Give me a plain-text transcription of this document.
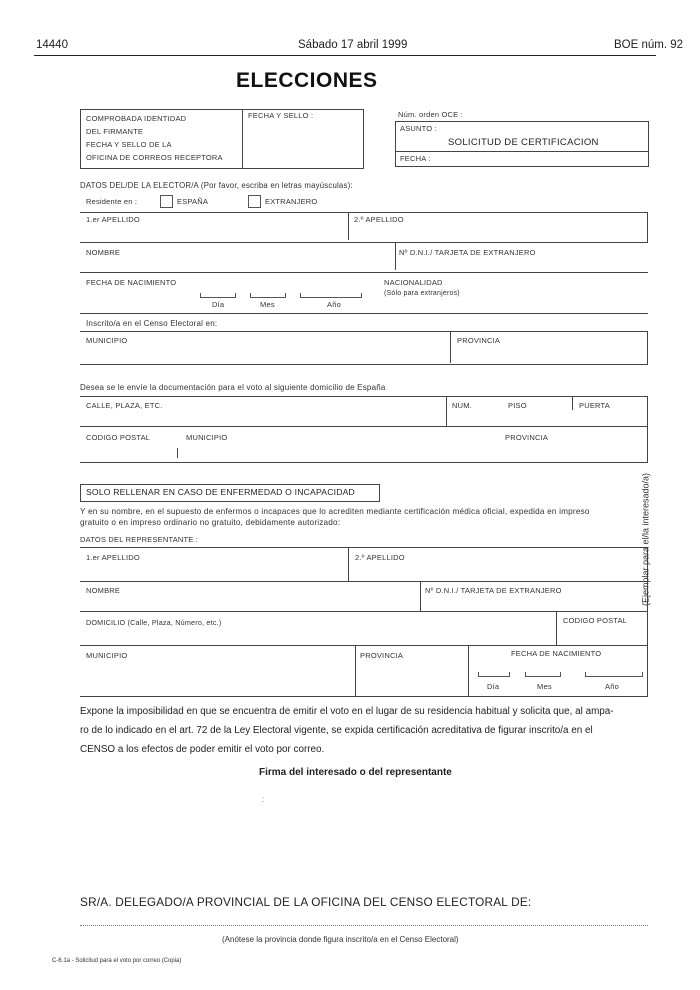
14440	Sábado 17 abril 1999	BOE núm. 92
ELECCIONES
COMPROBADA IDENTIDAD
DEL FIRMANTE
FECHA Y SELLO DE LA
OFICINA DE CORREOS RECEPTORA
FECHA Y SELLO :	Núm. orden OCE :
ASUNTO :
SOLICITUD DE CERTIFICACION
FECHA :
DATOS DEL/DE LA ELECTOR/A (Por favor, escriba en letras mayúsculas):
Residente en :	ESPAÑA	EXTRANJERO
1.er APELLIDO	2.º APELLIDO
NOMBRE	Nº D.N.I./ TARJETA DE EXTRANJERO
FECHA DE NACIMIENTO
Día	Mes	Año
NACIONALIDAD
(Sólo para extranjeros)
Inscrito/a en el Censo Electoral en:
MUNICIPIO	PROVINCIA
Desea se le envíe la documentación para el voto al siguiente domicilio de España
CALLE, PLAZA, ETC.	NUM.	PISO	PUERTA
CODIGO POSTAL	MUNICIPIO	PROVINCIA
SOLO RELLENAR EN CASO DE ENFERMEDAD O INCAPACIDAD
Y en su nombre, en el supuesto de enfermos o incapaces que lo acrediten mediante certificación médica oficial, expedida en impreso
gratuito o en impreso ordinario no gratuito, debidamente autorizado:
DATOS DEL REPRESENTANTE :
1.er APELLIDO	2.º APELLIDO
NOMBRE	Nº D.N.I./ TARJETA DE EXTRANJERO
DOMICILIO (Calle, Plaza, Número, etc.)	CODIGO POSTAL
MUNICIPIO	PROVINCIA	FECHA DE NACIMIENTO
Día	Mes	Año
Expone la imposibilidad en que se encuentra de emitir el voto en el lugar de su residencia habitual y solicita que, al ampa-
ro de lo indicado en el art. 72 de la Ley Electoral vigente, se expida certificación acreditativa de figurar inscrito/a en el
CENSO a los efectos de poder emitir el voto por correo.
Firma del interesado o del representante
:
SR/A. DELEGADO/A PROVINCIAL DE LA OFICINA DEL CENSO ELECTORAL DE:
(Anótese la provincia donde figura inscrito/a en el Censo Electoral)
C-6.1a - Solicitud para el voto por correo (Copia)
(Ejemplar para el/la interesado/a)
